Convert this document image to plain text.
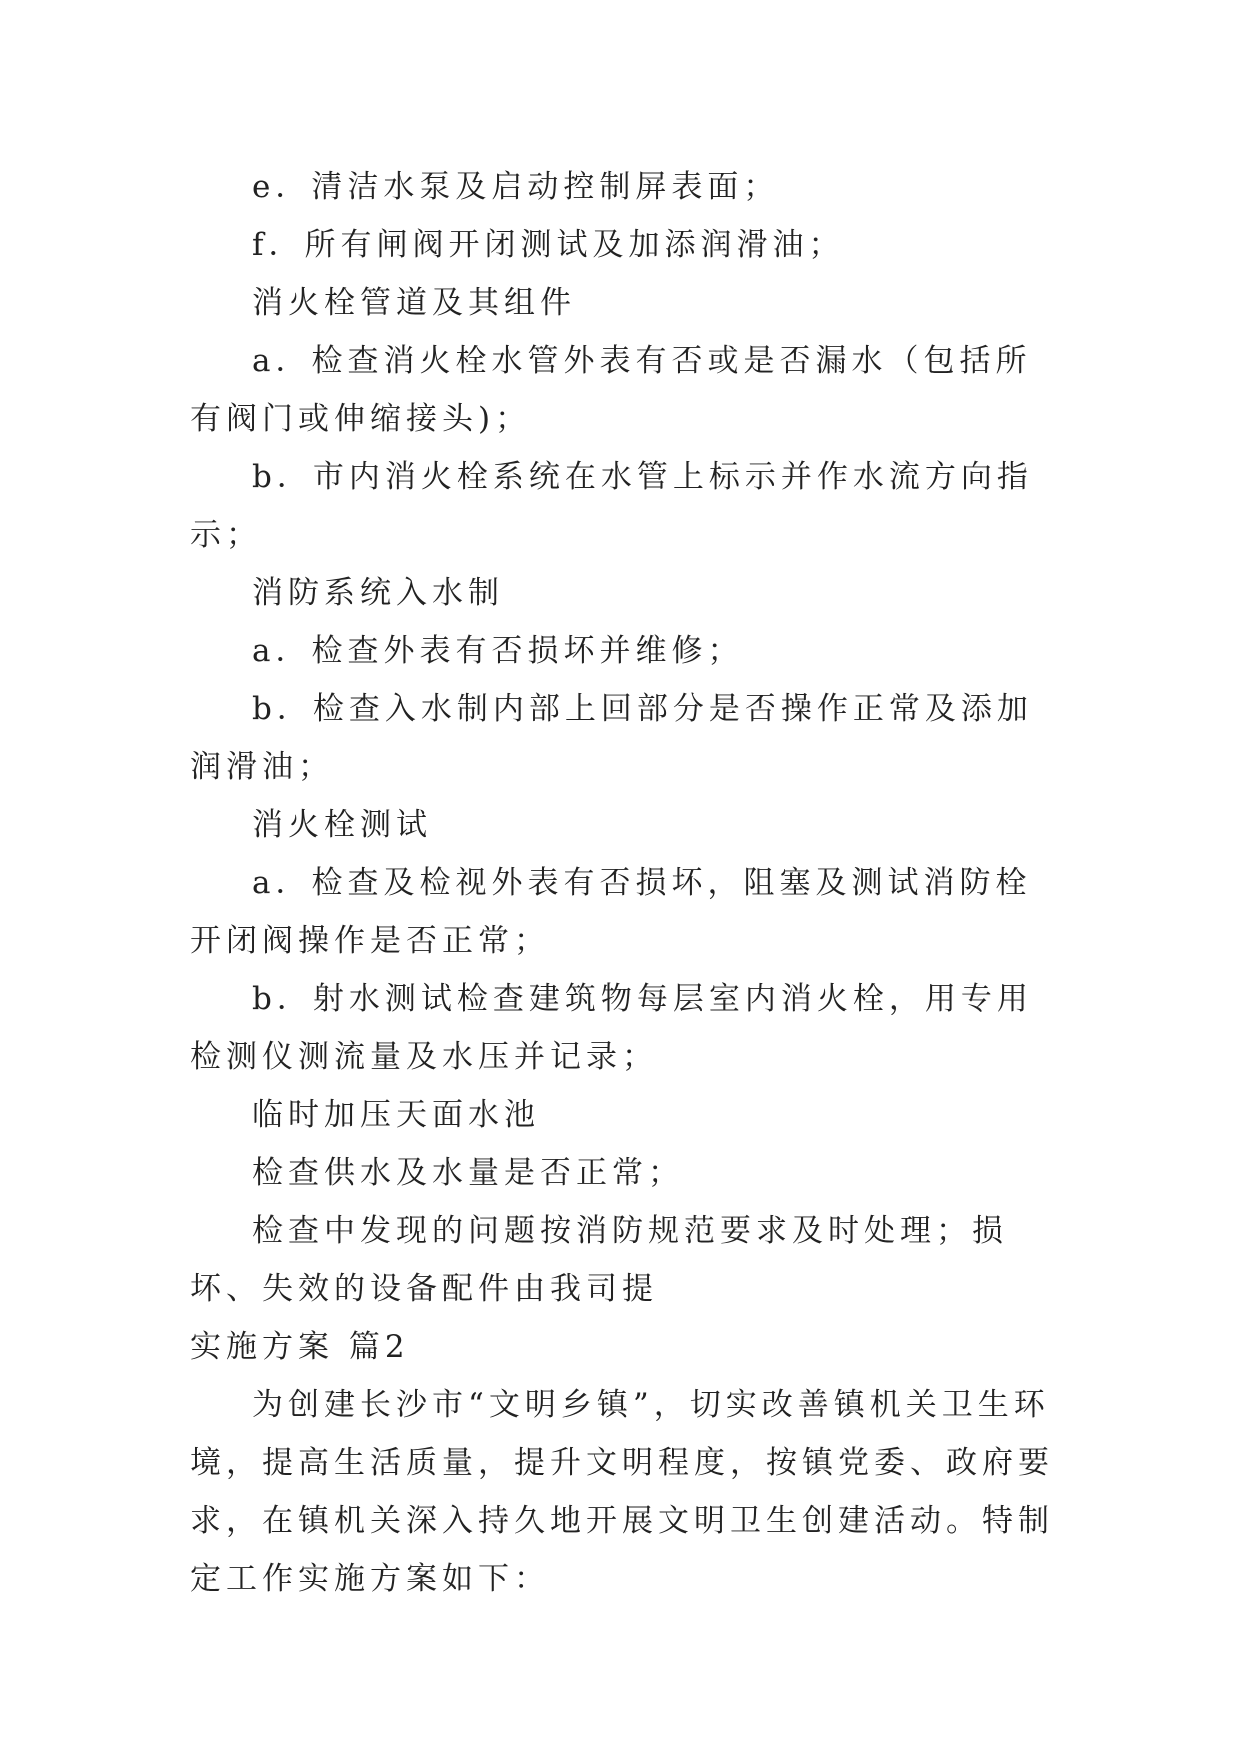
e．清洁水泵及启动控制屏表面；

f．所有闸阀开闭测试及加添润滑油；

消火栓管道及其组件

a．检查消火栓水管外表有否或是否漏水（包括所有阀门或伸缩接头)；

b．市内消火栓系统在水管上标示并作水流方向指示；

消防系统入水制

a．检查外表有否损坏并维修；

b．检查入水制内部上回部分是否操作正常及添加润滑油；

消火栓测试

a．检查及检视外表有否损坏，阻塞及测试消防栓开闭阀操作是否正常；

b．射水测试检查建筑物每层室内消火栓，用专用检测仪测流量及水压并记录；

临时加压天面水池

检查供水及水量是否正常；

检查中发现的问题按消防规范要求及时处理；损坏、失效的设备配件由我司提

实施方案 篇2

为创建长沙市“文明乡镇”，切实改善镇机关卫生环境，提高生活质量，提升文明程度，按镇党委、政府要求，在镇机关深入持久地开展文明卫生创建活动。特制定工作实施方案如下：
